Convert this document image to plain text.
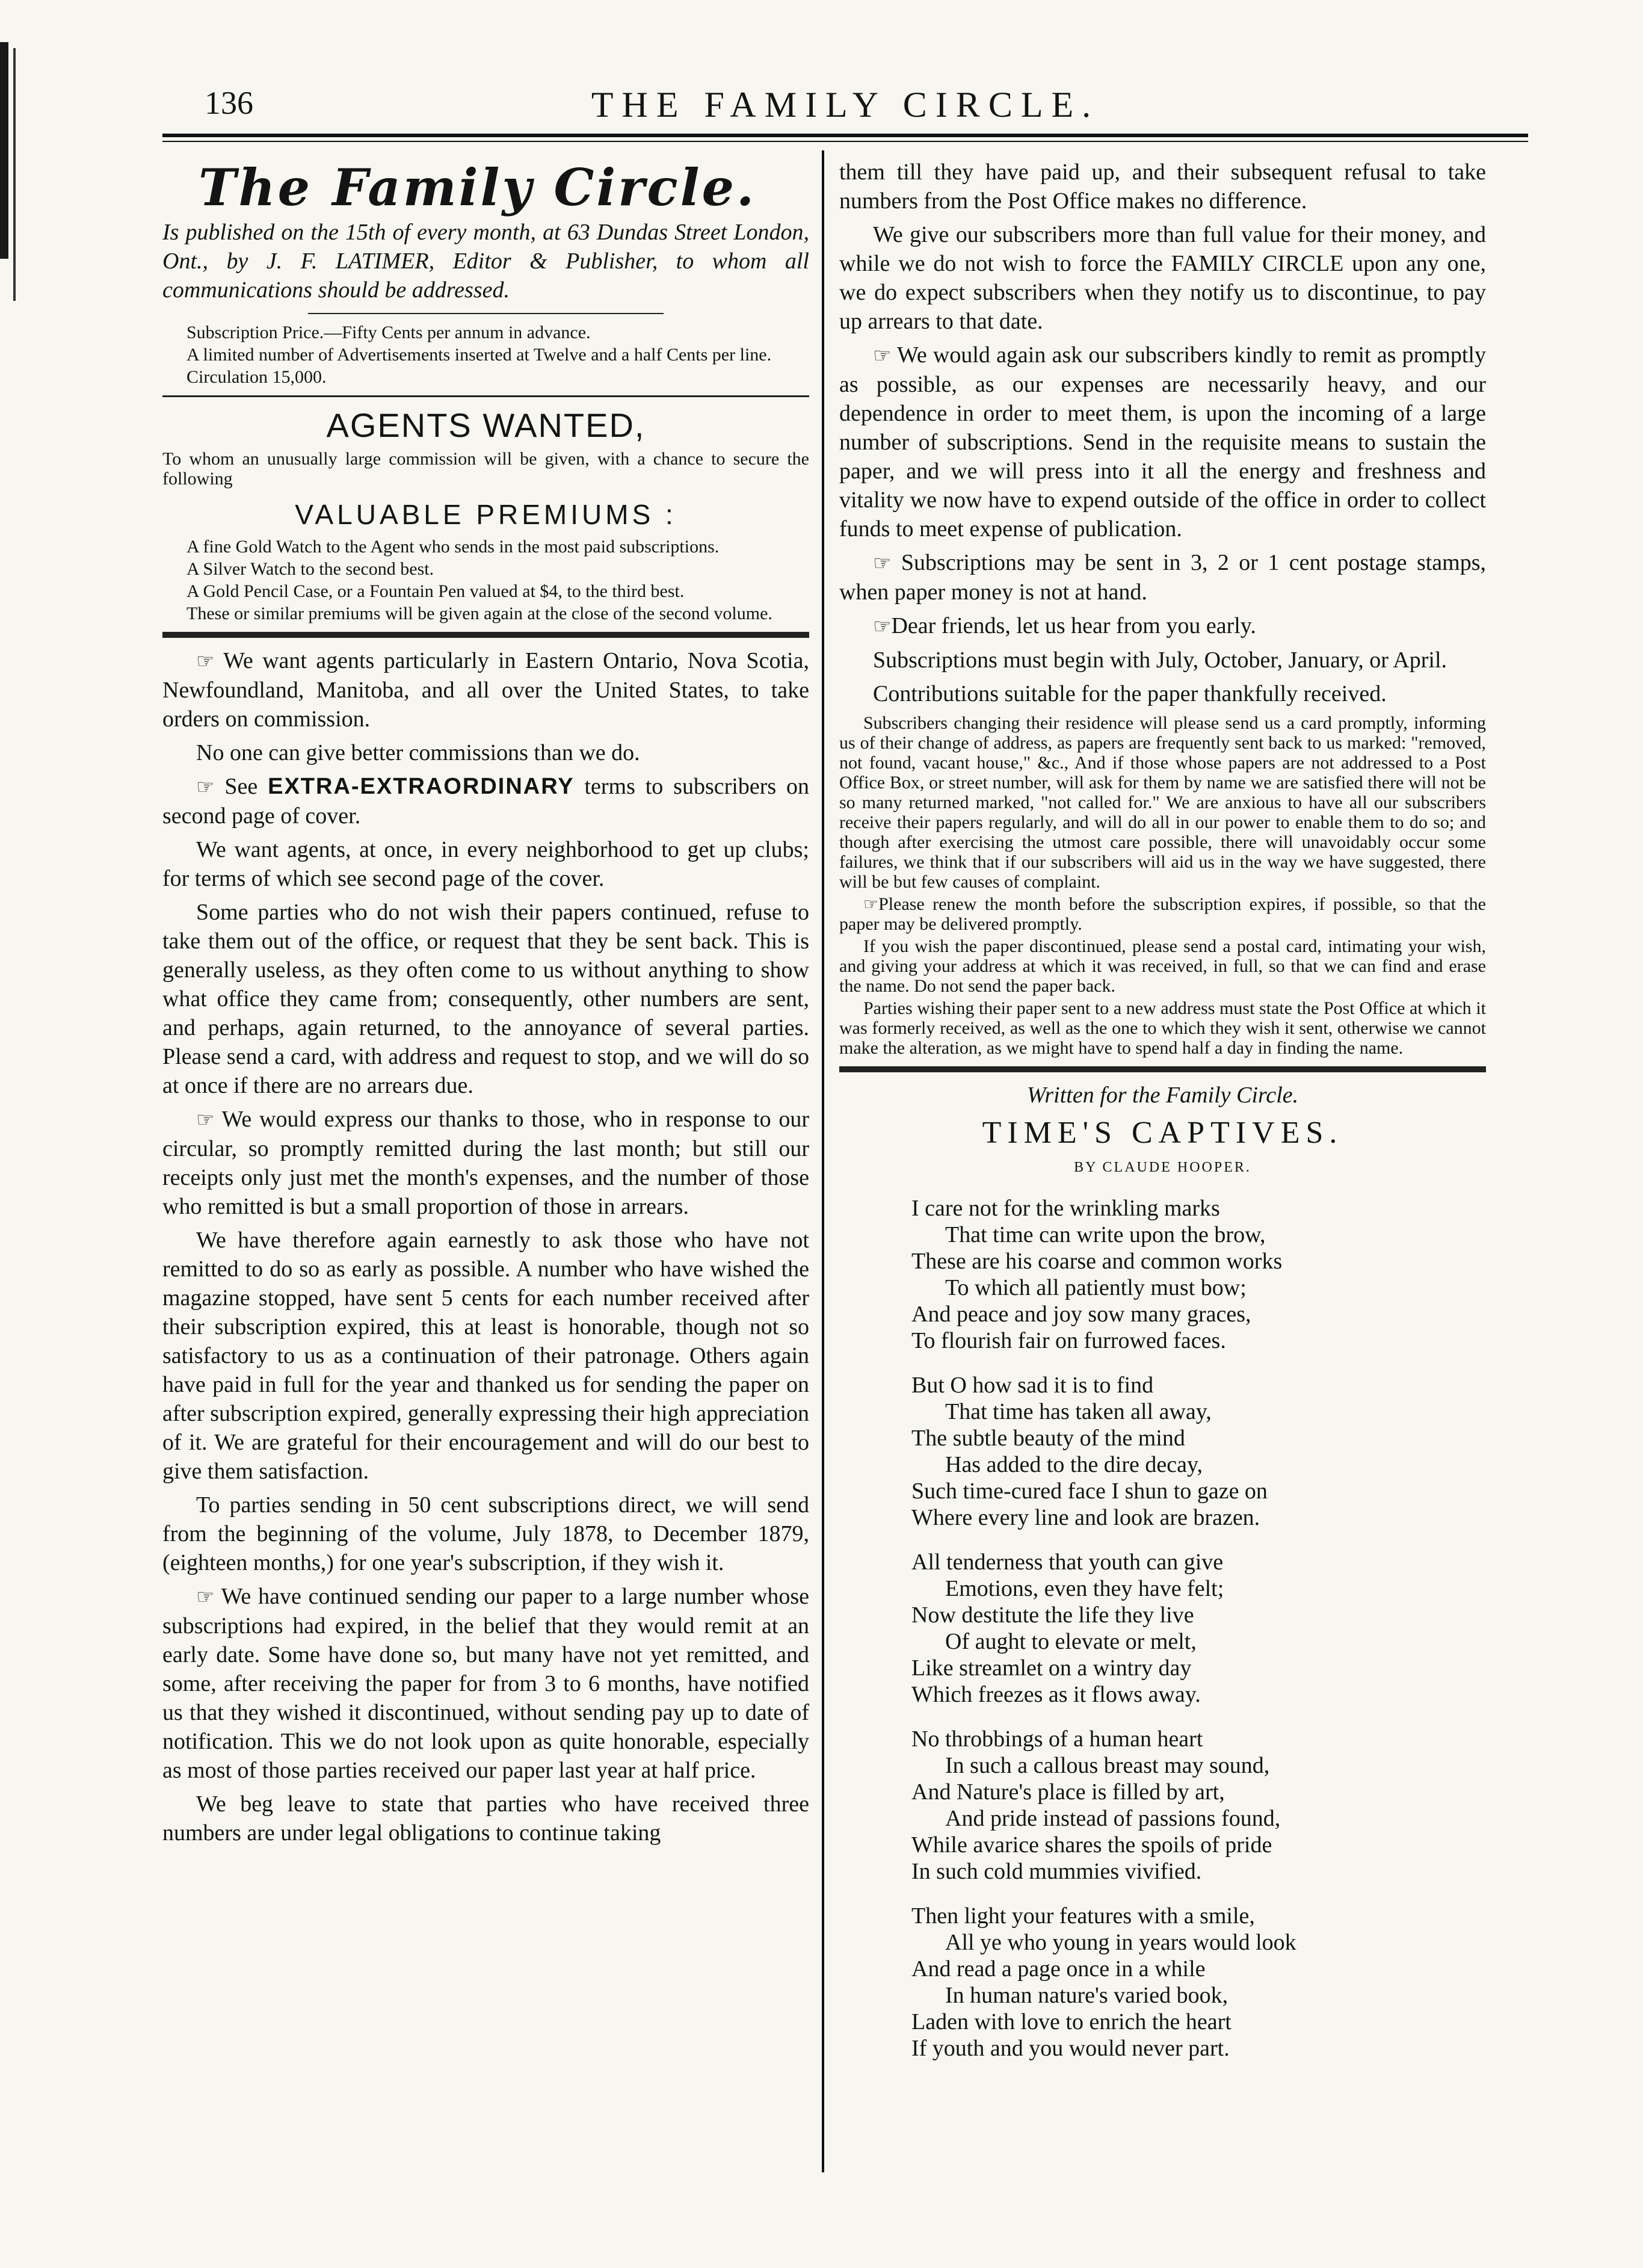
136	THE FAMILY CIRCLE.
The Family Circle.

Is published on the 15th of every month, at 63 Dundas Street London, Ont., by J. F. LATIMER, Editor & Publisher, to whom all communications should be addressed.

Subscription Price.—Fifty Cents per annum in advance.

A limited number of Advertisements inserted at Twelve and a half Cents per line.

Circulation 15,000.

AGENTS WANTED,

To whom an unusually large commission will be given, with a chance to secure the following

VALUABLE PREMIUMS :

A fine Gold Watch to the Agent who sends in the most paid subscriptions.

A Silver Watch to the second best.

A Gold Pencil Case, or a Fountain Pen valued at $4, to the third best.

These or similar premiums will be given again at the close of the second volume.

☞ We want agents particularly in Eastern Ontario, Nova Scotia, Newfoundland, Manitoba, and all over the United States, to take orders on commission.

No one can give better commissions than we do.

☞ See EXTRA-EXTRAORDINARY terms to subscribers on second page of cover.

We want agents, at once, in every neighborhood to get up clubs; for terms of which see second page of the cover.

Some parties who do not wish their papers continued, refuse to take them out of the office, or request that they be sent back. This is generally useless, as they often come to us without anything to show what office they came from; consequently, other numbers are sent, and perhaps, again returned, to the annoyance of several parties. Please send a card, with address and request to stop, and we will do so at once if there are no arrears due.

☞ We would express our thanks to those, who in response to our circular, so promptly remitted during the last month; but still our receipts only just met the month's expenses, and the number of those who remitted is but a small proportion of those in arrears.

We have therefore again earnestly to ask those who have not remitted to do so as early as possible. A number who have wished the magazine stopped, have sent 5 cents for each number received after their subscription expired, this at least is honorable, though not so satisfactory to us as a continuation of their patronage. Others again have paid in full for the year and thanked us for sending the paper on after subscription expired, generally expressing their high appreciation of it. We are grateful for their encouragement and will do our best to give them satisfaction.

To parties sending in 50 cent subscriptions direct, we will send from the beginning of the volume, July 1878, to December 1879, (eighteen months,) for one year's subscription, if they wish it.

☞ We have continued sending our paper to a large number whose subscriptions had expired, in the belief that they would remit at an early date. Some have done so, but many have not yet remitted, and some, after receiving the paper for from 3 to 6 months, have notified us that they wished it discontinued, without sending pay up to date of notification. This we do not look upon as quite honorable, especially as most of those parties received our paper last year at half price.

We beg leave to state that parties who have received three numbers are under legal obligations to continue taking

them till they have paid up, and their subsequent refusal to take numbers from the Post Office makes no difference.

We give our subscribers more than full value for their money, and while we do not wish to force the FAMILY CIRCLE upon any one, we do expect subscribers when they notify us to discontinue, to pay up arrears to that date.

☞ We would again ask our subscribers kindly to remit as promptly as possible, as our expenses are necessarily heavy, and our dependence in order to meet them, is upon the incoming of a large number of subscriptions. Send in the requisite means to sustain the paper, and we will press into it all the energy and freshness and vitality we now have to expend outside of the office in order to collect funds to meet expense of publication.

☞ Subscriptions may be sent in 3, 2 or 1 cent postage stamps, when paper money is not at hand.

☞Dear friends, let us hear from you early.

Subscriptions must begin with July, October, January, or April.

Contributions suitable for the paper thankfully received.

Subscribers changing their residence will please send us a card promptly, informing us of their change of address, as papers are frequently sent back to us marked: "removed, not found, vacant house," &c., And if those whose papers are not addressed to a Post Office Box, or street number, will ask for them by name we are satisfied there will not be so many returned marked, "not called for." We are anxious to have all our subscribers receive their papers regularly, and will do all in our power to enable them to do so; and though after exercising the utmost care possible, there will unavoidably occur some failures, we think that if our subscribers will aid us in the way we have suggested, there will be but few causes of complaint.

☞Please renew the month before the subscription expires, if possible, so that the paper may be delivered promptly.

If you wish the paper discontinued, please send a postal card, intimating your wish, and giving your address at which it was received, in full, so that we can find and erase the name. Do not send the paper back.

Parties wishing their paper sent to a new address must state the Post Office at which it was formerly received, as well as the one to which they wish it sent, otherwise we cannot make the alteration, as we might have to spend half a day in finding the name.

Written for the Family Circle.
TIME'S CAPTIVES.
BY CLAUDE HOOPER.
I care not for the wrinkling marks
That time can write upon the brow,
These are his coarse and common works
To which all patiently must bow;
And peace and joy sow many graces,
To flourish fair on furrowed faces.
But O how sad it is to find
That time has taken all away,
The subtle beauty of the mind
Has added to the dire decay,
Such time-cured face I shun to gaze on
Where every line and look are brazen.
All tenderness that youth can give
Emotions, even they have felt;
Now destitute the life they live
Of aught to elevate or melt,
Like streamlet on a wintry day
Which freezes as it flows away.
No throbbings of a human heart
In such a callous breast may sound,
And Nature's place is filled by art,
And pride instead of passions found,
While avarice shares the spoils of pride
In such cold mummies vivified.
Then light your features with a smile,
All ye who young in years would look
And read a page once in a while
In human nature's varied book,
Laden with love to enrich the heart
If youth and you would never part.
